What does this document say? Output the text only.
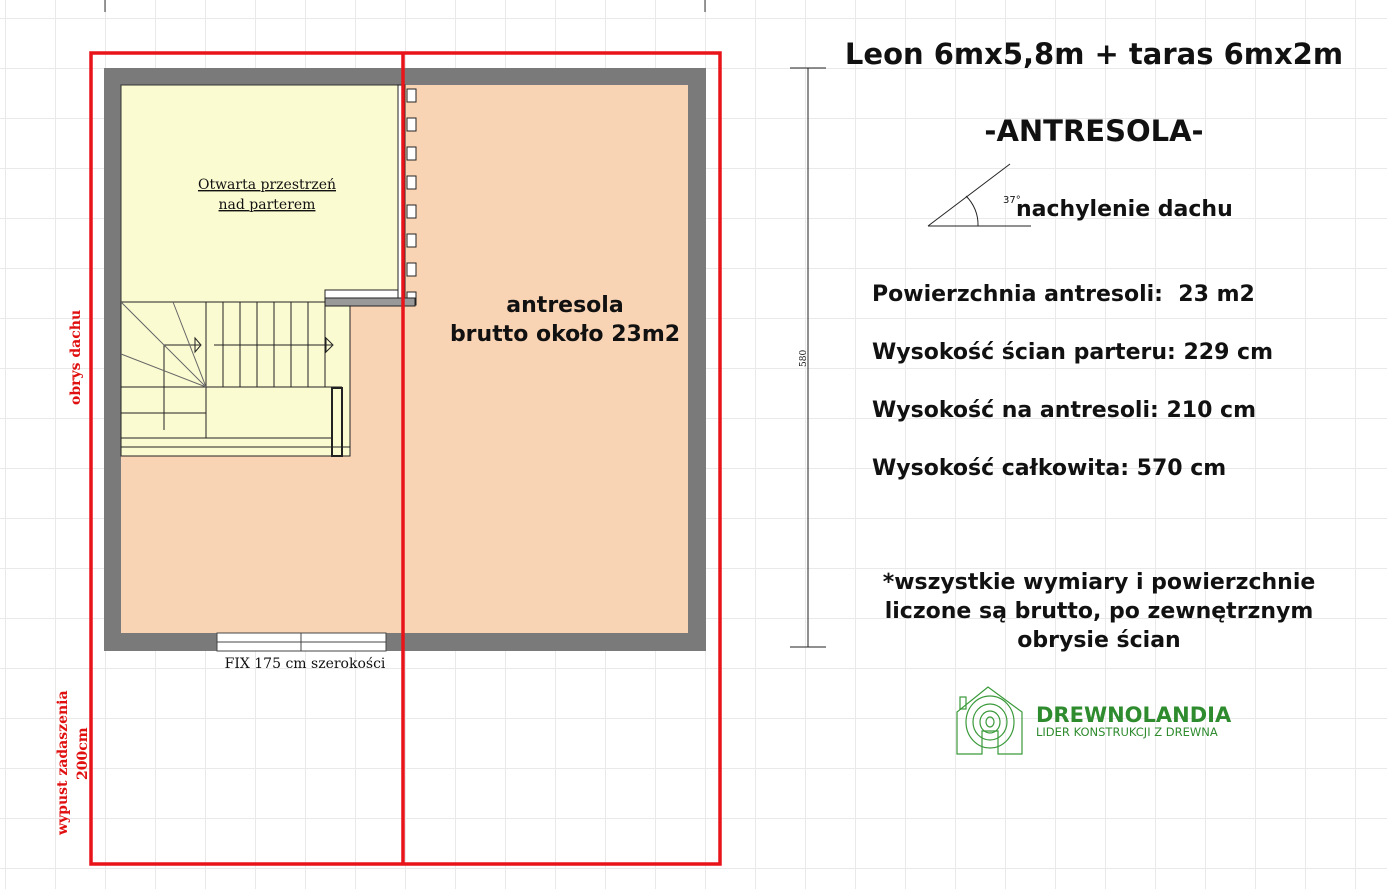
580
Otwarta przestrzeń
nad parterem
antresola
brutto około 23m2
FIX 175 cm szerokości
obrys dachu
wypust zadaszenia 200cm
Leon 6mx5,8m + taras 6mx2m
-ANTRESOLA-
37°
nachylenie dachu
Powierzchnia antresoli:  23 m2
Wysokość ścian parteru: 229 cm
Wysokość na antresoli: 210 cm
Wysokość całkowita: 570 cm
*wszystkie wymiary i powierzchnie
liczone są brutto, po zewnętrznym
obrysie ścian
DREWNOLANDIA
LIDER KONSTRUKCJI Z DREWNA
